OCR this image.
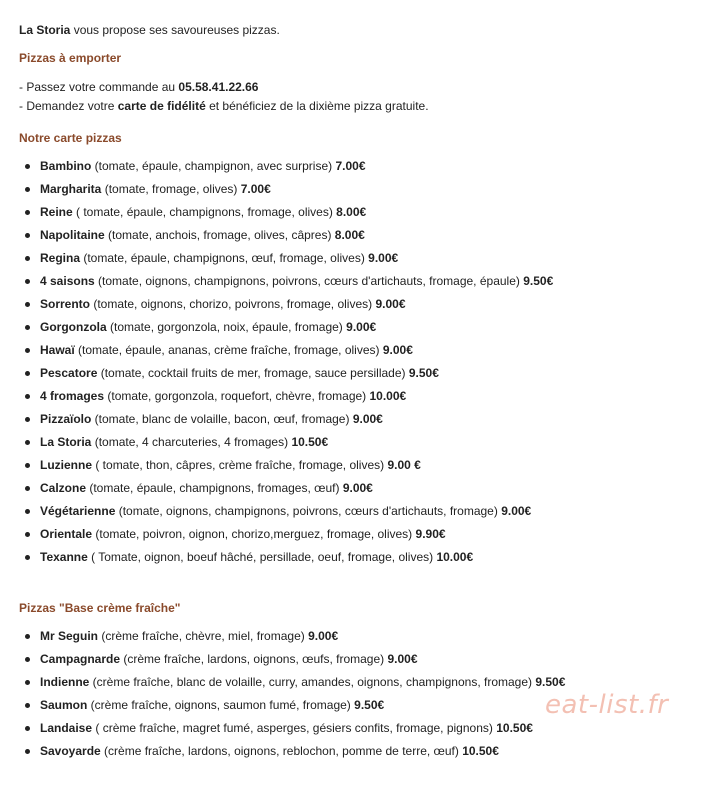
La Storia vous propose ses savoureuses pizzas.

Pizzas à emporter
- Passez votre commande au 05.58.41.22.66
- Demandez votre carte de fidélité et bénéficiez de la dixième pizza gratuite.
Notre carte pizzas
Bambino (tomate, épaule, champignon, avec surprise) 7.00€
Margharita (tomate, fromage, olives) 7.00€
Reine ( tomate, épaule, champignons, fromage, olives) 8.00€
Napolitaine (tomate, anchois, fromage, olives, câpres) 8.00€
Regina (tomate, épaule, champignons, œuf, fromage, olives) 9.00€
4 saisons (tomate, oignons, champignons, poivrons, cœurs d'artichauts, fromage, épaule) 9.50€
Sorrento (tomate, oignons, chorizo, poivrons, fromage, olives) 9.00€
Gorgonzola (tomate, gorgonzola, noix, épaule, fromage) 9.00€
Hawaï (tomate, épaule, ananas, crème fraîche, fromage, olives) 9.00€
Pescatore (tomate, cocktail fruits de mer, fromage, sauce persillade) 9.50€
4 fromages (tomate, gorgonzola, roquefort, chèvre, fromage) 10.00€
Pizzaïolo (tomate, blanc de volaille, bacon, œuf, fromage) 9.00€
La Storia (tomate, 4 charcuteries, 4 fromages) 10.50€
Luzienne ( tomate, thon, câpres, crème fraîche, fromage, olives) 9.00 €
Calzone (tomate, épaule, champignons, fromages, œuf) 9.00€
Végétarienne (tomate, oignons, champignons, poivrons, cœurs d'artichauts, fromage) 9.00€
Orientale (tomate, poivron, oignon, chorizo,merguez, fromage, olives) 9.90€
Texanne ( Tomate, oignon, boeuf hâché, persillade, oeuf, fromage, olives) 10.00€
Pizzas "Base crème fraîche"
Mr Seguin (crème fraîche, chèvre, miel, fromage) 9.00€
Campagnarde (crème fraîche, lardons, oignons, œufs, fromage) 9.00€
Indienne (crème fraîche, blanc de volaille, curry, amandes, oignons, champignons, fromage) 9.50€
Saumon (crème fraîche, oignons, saumon fumé, fromage) 9.50€
Landaise ( crème fraîche, magret fumé, asperges, gésiers confits, fromage, pignons) 10.50€
Savoyarde (crème fraîche, lardons, oignons, reblochon, pomme de terre, œuf) 10.50€
eat-list.fr
